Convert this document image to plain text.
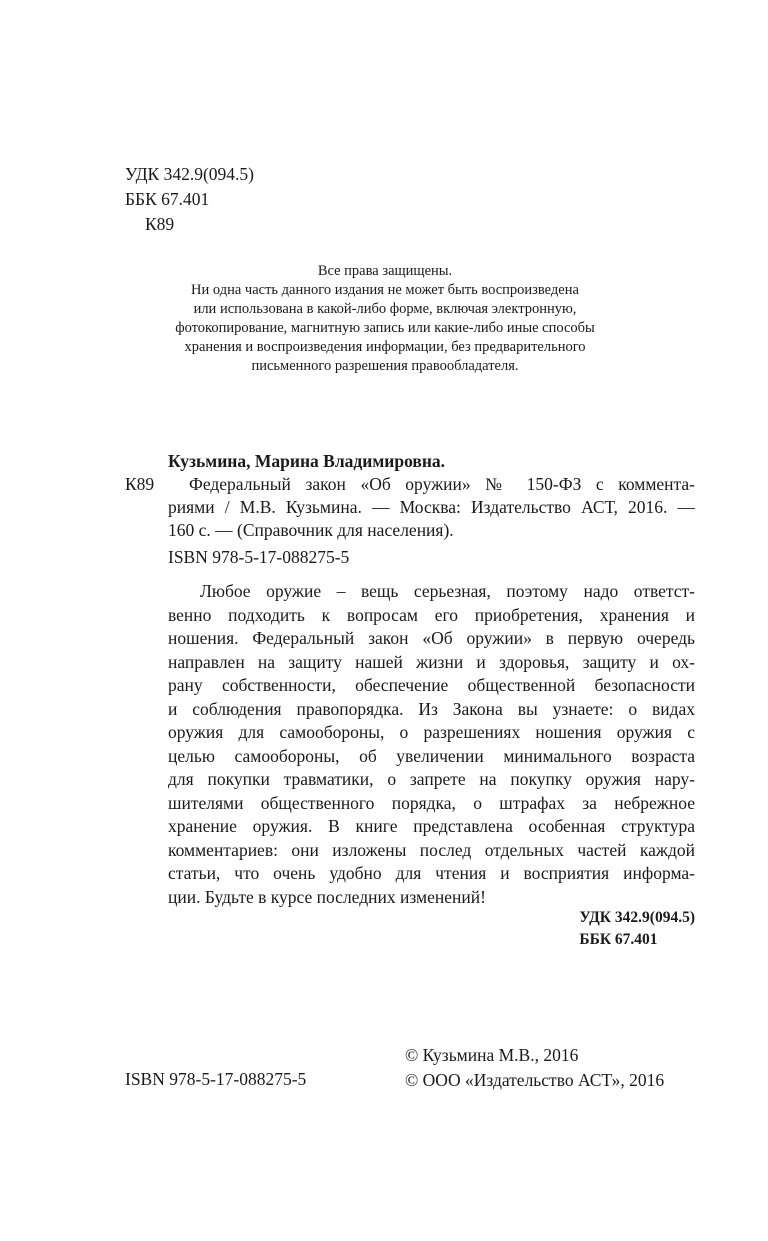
УДК 342.9(094.5)
ББК 67.401
К89
Все права защищены.
Ни одна часть данного издания не может быть воспроизведена
или использована в какой-либо форме, включая электронную,
фотокопирование, магнитную запись или какие-либо иные способы
хранения и воспроизведения информации, без предварительного
письменного разрешения правообладателя.
Кузьмина, Марина Владимировна.
К89 Федеральный закон «Об оружии» № 150-ФЗ с коммента-
риями / М.В. Кузьмина. — Москва: Издательство АСТ, 2016. —
160 с. — (Справочник для населения).
ISBN 978-5-17-088275-5
Любое оружие – вещь серьезная, поэтому надо ответст-
венно подходить к вопросам его приобретения, хранения и
ношения. Федеральный закон «Об оружии» в первую очередь
направлен на защиту нашей жизни и здоровья, защиту и ох-
рану собственности, обеспечение общественной безопасности
и соблюдения правопорядка. Из Закона вы узнаете: о видах
оружия для самообороны, о разрешениях ношения оружия с
целью самообороны, об увеличении минимального возраста
для покупки травматики, о запрете на покупку оружия нару-
шителями общественного порядка, о штрафах за небрежное
хранение оружия. В книге представлена особенная структура
комментариев: они изложены послед отдельных частей каждой
статьи, что очень удобно для чтения и восприятия информа-
ции. Будьте в курсе последних изменений!
УДК 342.9(094.5)
ББК 67.401
© Кузьмина М.В., 2016
© ООО «Издательство АСТ», 2016
ISBN 978-5-17-088275-5
